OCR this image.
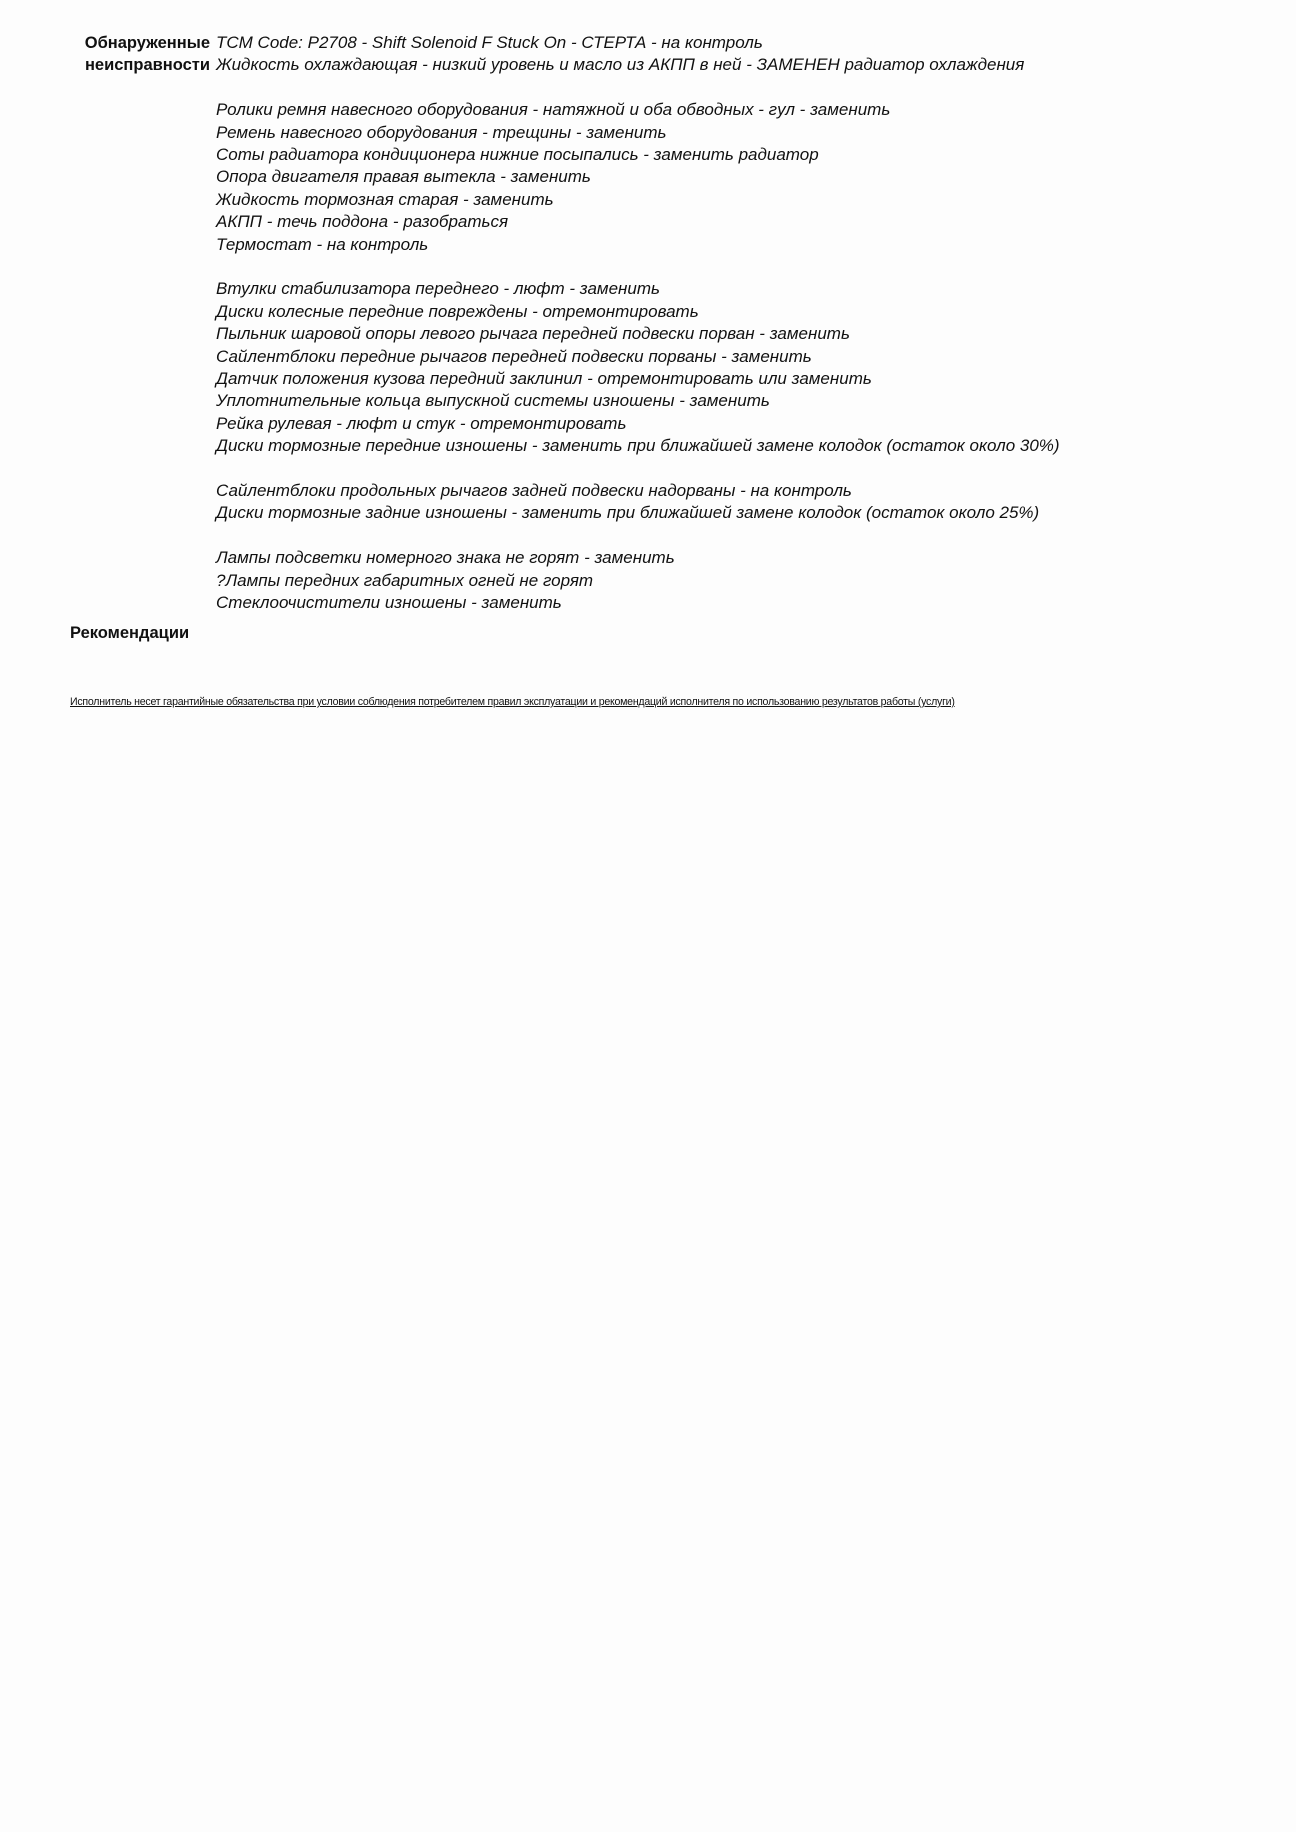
Обнаруженные
неисправности
TCM Code: P2708 - Shift Solenoid F Stuck On - СТЕРТА - на контроль
Жидкость охлаждающая - низкий уровень и масло из АКПП в ней - ЗАМЕНЕН радиатор охлаждения
Ролики ремня навесного оборудования - натяжной и оба обводных - гул - заменить
Ремень навесного оборудования - трещины - заменить
Соты радиатора кондиционера нижние посыпались - заменить радиатор
Опора двигателя правая вытекла - заменить
Жидкость тормозная старая - заменить
АКПП - течь поддона - разобраться
Термостат - на контроль
Втулки стабилизатора переднего - люфт - заменить
Диски колесные передние повреждены - отремонтировать
Пыльник шаровой опоры левого рычага передней подвески порван - заменить
Сайлентблоки передние рычагов передней подвески порваны - заменить
Датчик положения кузова передний заклинил - отремонтировать или заменить
Уплотнительные кольца выпускной системы изношены - заменить
Рейка рулевая - люфт и стук - отремонтировать
Диски тормозные передние изношены - заменить при ближайшей замене колодок (остаток около 30%)
Сайлентблоки продольных рычагов задней подвески надорваны - на контроль
Диски тормозные задние изношены - заменить при ближайшей замене колодок (остаток около 25%)
Лампы подсветки номерного знака не горят - заменить
?Лампы передних габаритных огней не горят
Стеклоочистители изношены - заменить
Рекомендации
Исполнитель несет гарантийные обязательства при условии соблюдения потребителем правил эксплуатации и рекомендаций исполнителя по использованию результатов работы (услуги)
